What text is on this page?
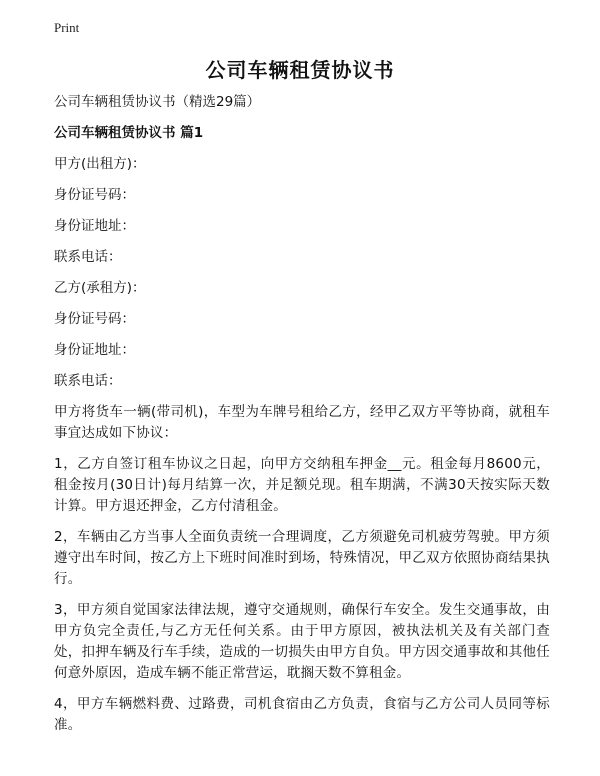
Print
公司车辆租赁协议书

公司车辆租赁协议书（精选29篇）

公司车辆租赁协议书 篇1

甲方(出租方)：

身份证号码：

身份证地址：

联系电话：

乙方(承租方)：

身份证号码：

身份证地址：

联系电话：

甲方将货车一辆(带司机)，车型为车牌号租给乙方，经甲乙双方平等协商，就租车事宜达成如下协议：

1，乙方自签订租车协议之日起，向甲方交纳租车押金__元。租金每月8600元，租金按月(30日计)每月结算一次，并足额兑现。租车期满，不满30天按实际天数计算。甲方退还押金，乙方付清租金。

2，车辆由乙方当事人全面负责统一合理调度，乙方须避免司机疲劳驾驶。甲方须遵守出车时间，按乙方上下班时间准时到场，特殊情况，甲乙双方依照协商结果执行。

3，甲方须自觉国家法律法规，遵守交通规则，确保行车安全。发生交通事故，由甲方负完全责任,与乙方无任何关系。由于甲方原因，被执法机关及有关部门查处，扣押车辆及行车手续，造成的一切损失由甲方自负。甲方因交通事故和其他任何意外原因，造成车辆不能正常营运，耽搁天数不算租金。

4，甲方车辆燃料费、过路费，司机食宿由乙方负责，食宿与乙方公司人员同等标准。
